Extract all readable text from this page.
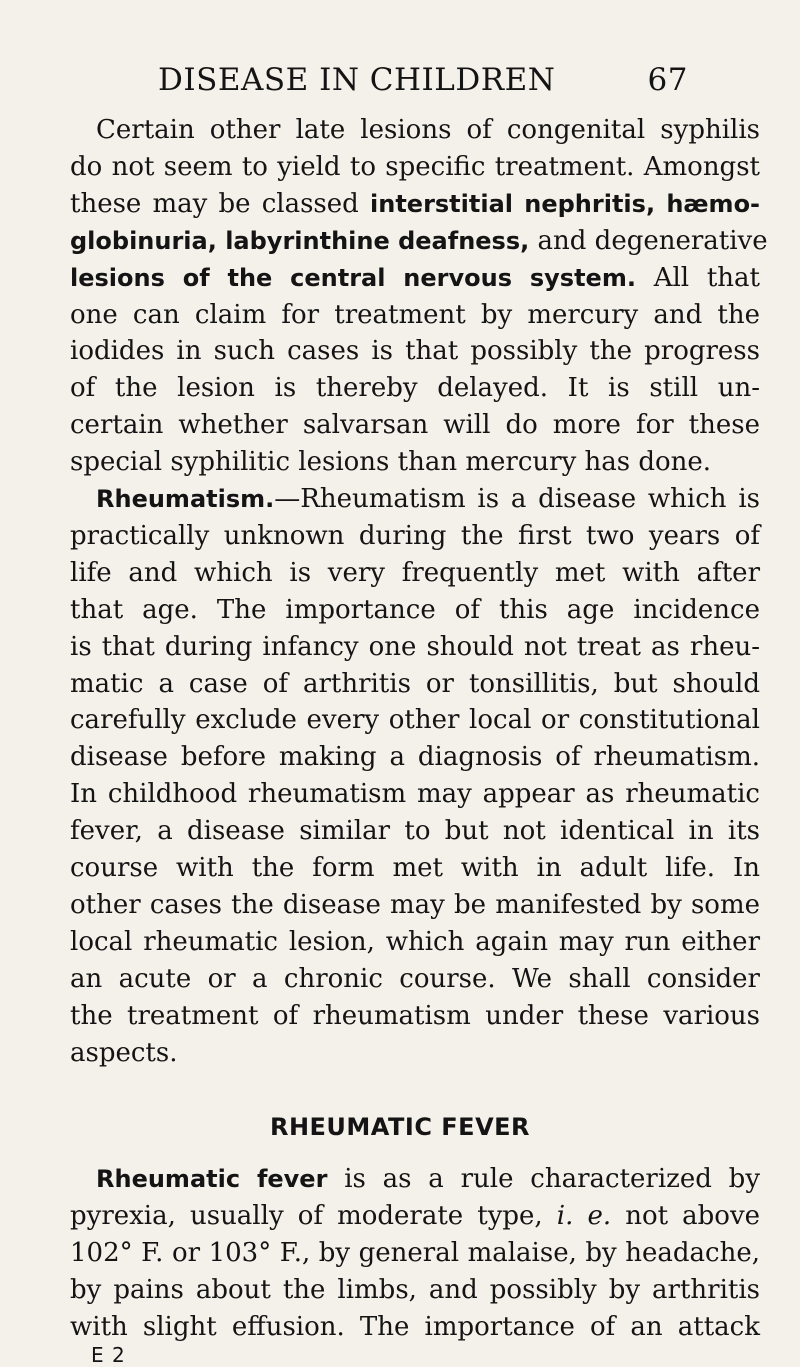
DISEASE IN CHILDREN	67
Certain other late lesions of congenital syphilis
do not seem to yield to specific treatment. Amongst
these may be classed interstitial nephritis, hæmo-
globinuria, labyrinthine deafness, and degenerative
lesions of the central nervous system. All that
one can claim for treatment by mercury and the
iodides in such cases is that possibly the progress
of the lesion is thereby delayed. It is still un-
certain whether salvarsan will do more for these
special syphilitic lesions than mercury has done.
Rheumatism.—Rheumatism is a disease which is
practically unknown during the first two years of
life and which is very frequently met with after
that age. The importance of this age incidence
is that during infancy one should not treat as rheu-
matic a case of arthritis or tonsillitis, but should
carefully exclude every other local or constitutional
disease before making a diagnosis of rheumatism.
In childhood rheumatism may appear as rheumatic
fever, a disease similar to but not identical in its
course with the form met with in adult life. In
other cases the disease may be manifested by some
RHEUMATIC FEVER
Rheumatic fever is as a rule characterized by
pyrexia, usually of moderate type, i. e. not above
102° F. or 103° F., by general malaise, by headache,
by pains about the limbs, and possibly by arthritis
with slight effusion. The importance of an attack
E 2
local rheumatic lesion, which again may run either
an acute or a chronic course. We shall consider
the treatment of rheumatism under these various
aspects.
